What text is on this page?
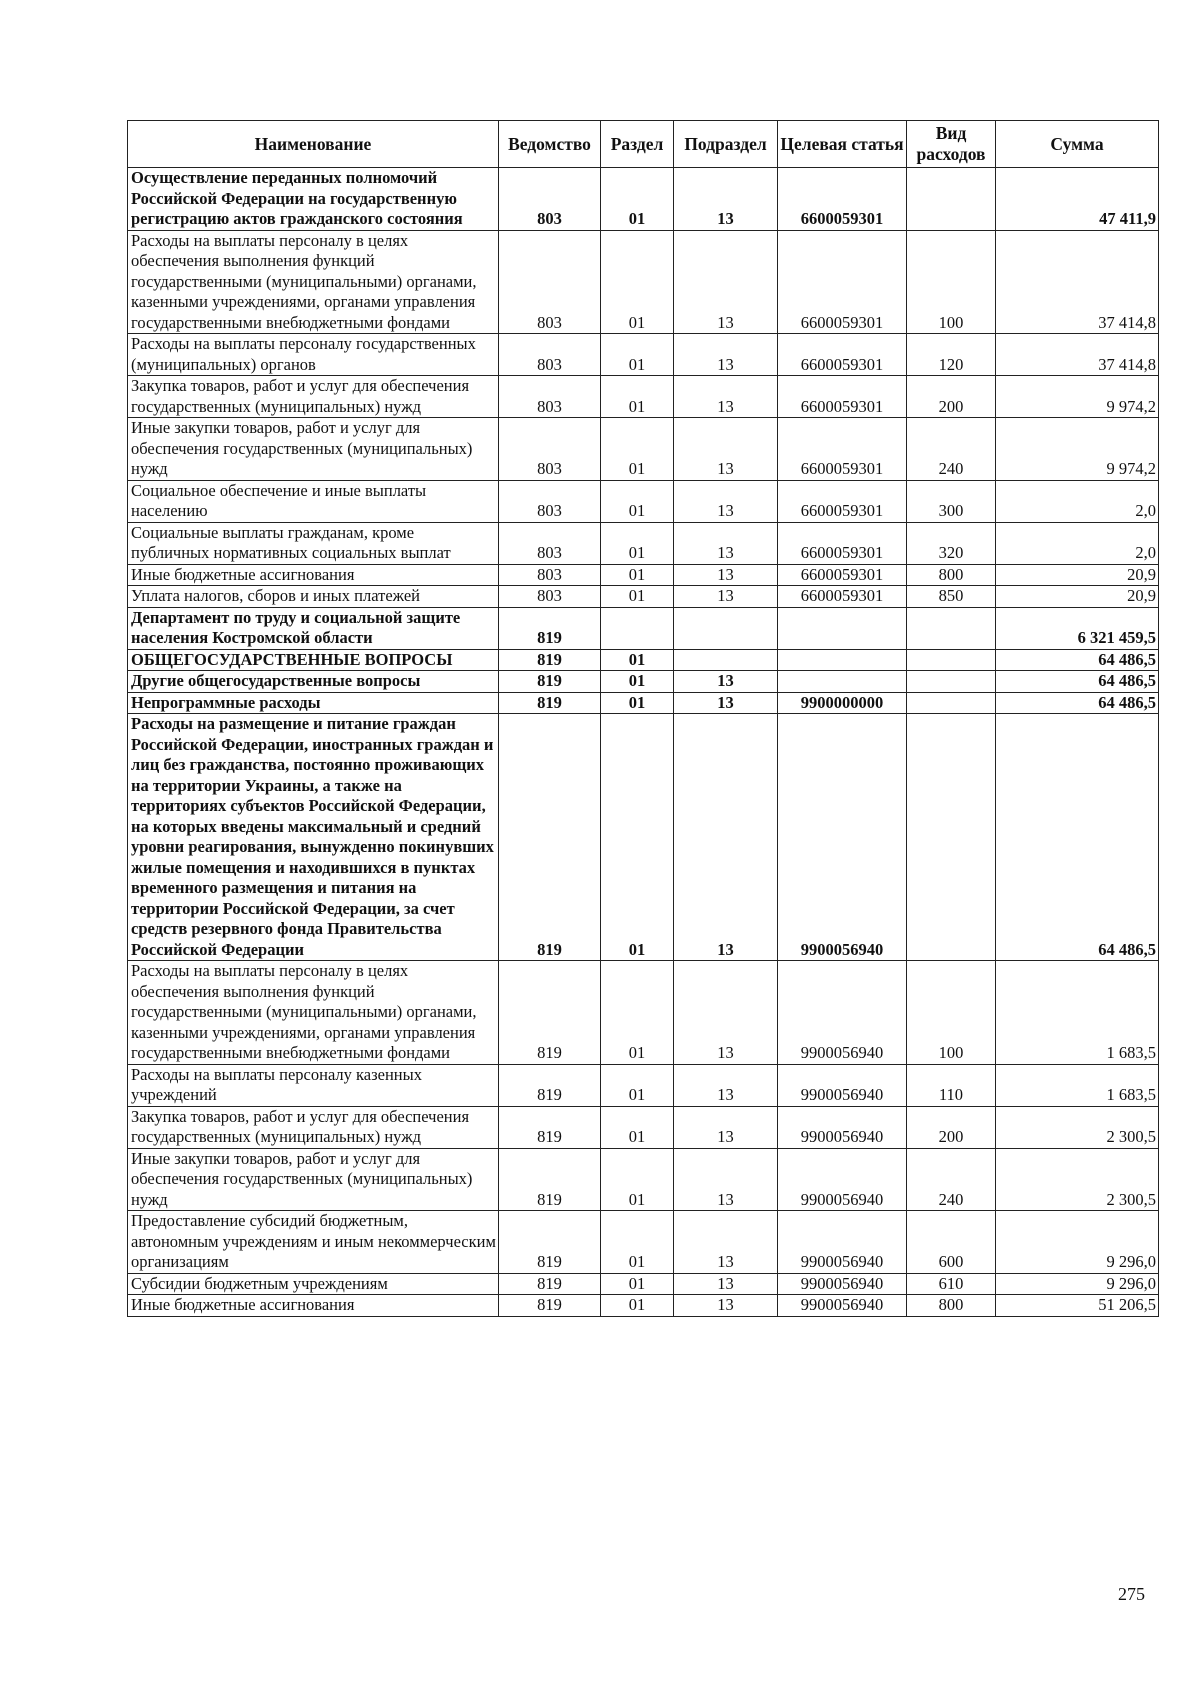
Наименование	Ведомство	Раздел	Подраздел	Целевая статья	Вид расходов	Сумма
Осуществление переданных полномочий Российской Федерации на государственную регистрацию актов гражданского состояния	803	01	13	6600059301		47 411,9
Расходы на выплаты персоналу в целях обеспечения выполнения функций государственными (муниципальными) органами, казенными учреждениями, органами управления государственными внебюджетными фондами	803	01	13	6600059301	100	37 414,8
Расходы на выплаты персоналу государственных (муниципальных) органов	803	01	13	6600059301	120	37 414,8
Закупка товаров, работ и услуг для обеспечения государственных (муниципальных) нужд	803	01	13	6600059301	200	9 974,2
Иные закупки товаров, работ и услуг для обеспечения государственных (муниципальных) нужд	803	01	13	6600059301	240	9 974,2
Социальное обеспечение и иные выплаты населению	803	01	13	6600059301	300	2,0
Социальные выплаты гражданам, кроме публичных нормативных социальных выплат	803	01	13	6600059301	320	2,0
Иные бюджетные ассигнования	803	01	13	6600059301	800	20,9
Уплата налогов, сборов и иных платежей	803	01	13	6600059301	850	20,9
Департамент по труду и социальной защите населения Костромской области	819					6 321 459,5
ОБЩЕГОСУДАРСТВЕННЫЕ ВОПРОСЫ	819	01				64 486,5
Другие общегосударственные вопросы	819	01	13			64 486,5
Непрограммные расходы	819	01	13	9900000000		64 486,5
Расходы на размещение и питание граждан Российской Федерации, иностранных граждан и лиц без гражданства, постоянно проживающих на территории Украины, а также на территориях субъектов Российской Федерации, на которых введены максимальный и средний уровни реагирования, вынужденно покинувших жилые помещения и находившихся в пунктах временного размещения и питания на территории Российской Федерации, за счет средств резервного фонда Правительства Российской Федерации	819	01	13	9900056940		64 486,5
Расходы на выплаты персоналу в целях обеспечения выполнения функций государственными (муниципальными) органами, казенными учреждениями, органами управления государственными внебюджетными фондами	819	01	13	9900056940	100	1 683,5
Расходы на выплаты персоналу казенных учреждений	819	01	13	9900056940	110	1 683,5
Закупка товаров, работ и услуг для обеспечения государственных (муниципальных) нужд	819	01	13	9900056940	200	2 300,5
Иные закупки товаров, работ и услуг для обеспечения государственных (муниципальных) нужд	819	01	13	9900056940	240	2 300,5
Предоставление субсидий бюджетным, автономным учреждениям и иным некоммерческим организациям	819	01	13	9900056940	600	9 296,0
Субсидии бюджетным учреждениям	819	01	13	9900056940	610	9 296,0
Иные бюджетные ассигнования	819	01	13	9900056940	800	51 206,5
275
